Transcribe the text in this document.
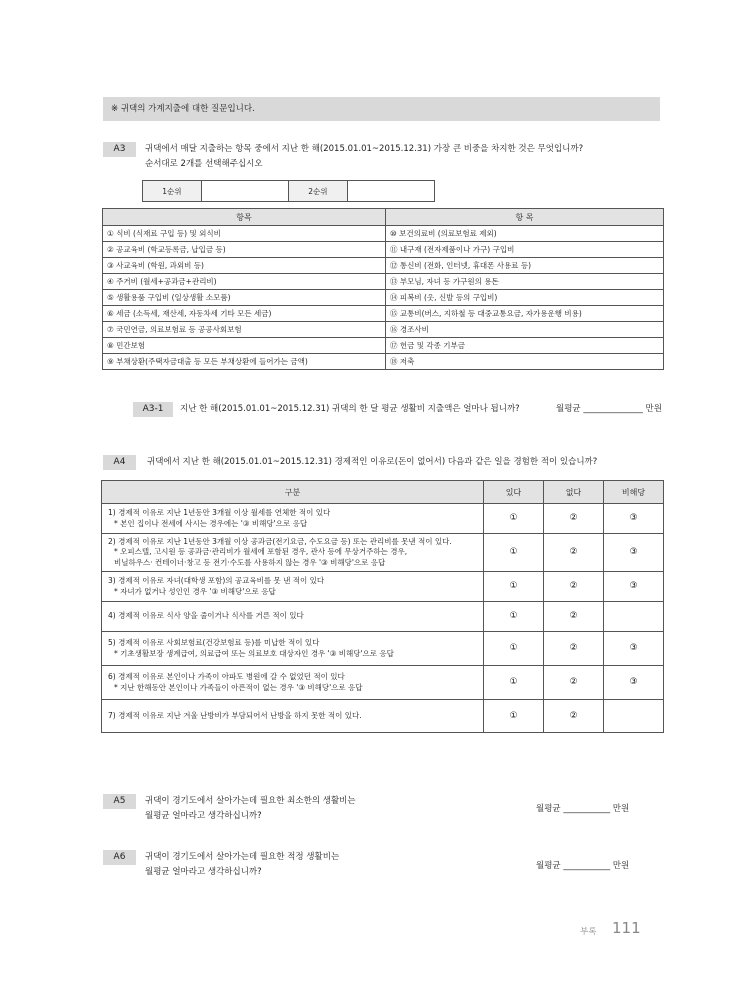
※ 귀댁의 가계지출에 대한 질문입니다.
A3	귀댁에서 매달 지출하는 항목 중에서 지난 한 해(2015.01.01~2015.12.31) 가장 큰 비중을 차지한 것은 무엇입니까?
순서대로 2개를 선택해주십시오
1순위		2순위	
항목	항 목
① 식비 (식재료 구입 등) 및 외식비	⑩ 보건의료비 (의료보험료 제외)
② 공교육비 (학교등록금, 납입금 등)	⑪ 내구재 (전자제품이나 가구) 구입비
③ 사교육비 (학원, 과외비 등)	⑫ 통신비 (전화, 인터넷, 휴대폰 사용료 등)
④ 주거비 (월세+공과금+관리비)	⑬ 부모님, 자녀 등 가구원의 용돈
⑤ 생활용품 구입비 (일상생활 소모품)	⑭ 피복비 (옷, 신발 등의 구입비)
⑥ 세금 (소득세, 재산세, 자동차세 기타 모든 세금)	⑮ 교통비(버스, 지하철 등 대중교통요금, 자가용운행 비용)
⑦ 국민연금, 의료보험료 등 공공사회보험	⑯ 경조사비
⑧ 민간보험	⑰ 헌금 및 각종 기부금
⑨ 부채상환(주택자금대출 등 모든 부채상환에 들어가는 금액)	⑱ 저축
A3-1	지난 한 해(2015.01.01~2015.12.31) 귀댁의 한 달 평균 생활비 지출액은 얼마나 됩니까?	월평균 ______________ 만원
A4	귀댁에서 지난 한 해(2015.01.01~2015.12.31) 경제적인 이유로(돈이 없어서) 다음과 같은 일을 경험한 적이 있습니까?
구분	있다	없다	비해당

1) 경제적 이유로 지난 1년동안 3개월 이상 월세를 연체한 적이 있다
* 본인 집이나 전세에 사시는 경우에는 '③ 비해당'으로 응답	①	②	③

2) 경제적 이유로 지난 1년동안 3개월 이상 공과금(전기요금, 수도요금 등) 또는 관리비를 못낸 적이 있다.
* 오피스텔, 고시원 등 공과금·관리비가 월세에 포함된 경우, 관사 등에 무상거주하는 경우,
비닐하우스· 컨테이너·창고 등 전기·수도를 사용하지 않는 경우 '③ 비해당'으로 응답	①	②	③

3) 경제적 이유로 자녀(대학생 포함)의 공교육비를 못 낸 적이 있다
* 자녀가 없거나 성인인 경우 '③ 비해당'으로 응답	①	②	③

4) 경제적 이유로 식사 양을 줄이거나 식사를 거른 적이 있다	①	②	

5) 경제적 이유로 사회보험료(건강보험료 등)를 미납한 적이 있다
* 기초생활보장 생계급여, 의료급여 또는 의료보호 대상자인 경우 '③ 비해당'으로 응답	①	②	③

6) 경제적 이유로 본인이나 가족이 아파도 병원에 갈 수 없었던 적이 있다
* 지난 한해동안 본인이나 가족들이 아픈적이 없는 경우 '③ 비해당'으로 응답	①	②	③

7) 경제적 이유로 지난 겨울 난방비가 부담되어서 난방을 하지 못한 적이 있다.	①	②	
A5	귀댁이 경기도에서 살아가는데 필요한 최소한의 생활비는
월평균 얼마라고 생각하십니까?
월평균 ___________ 만원
A6	귀댁이 경기도에서 살아가는데 필요한 적정 생활비는
월평균 얼마라고 생각하십니까?
월평균 ___________ 만원
부록 111
